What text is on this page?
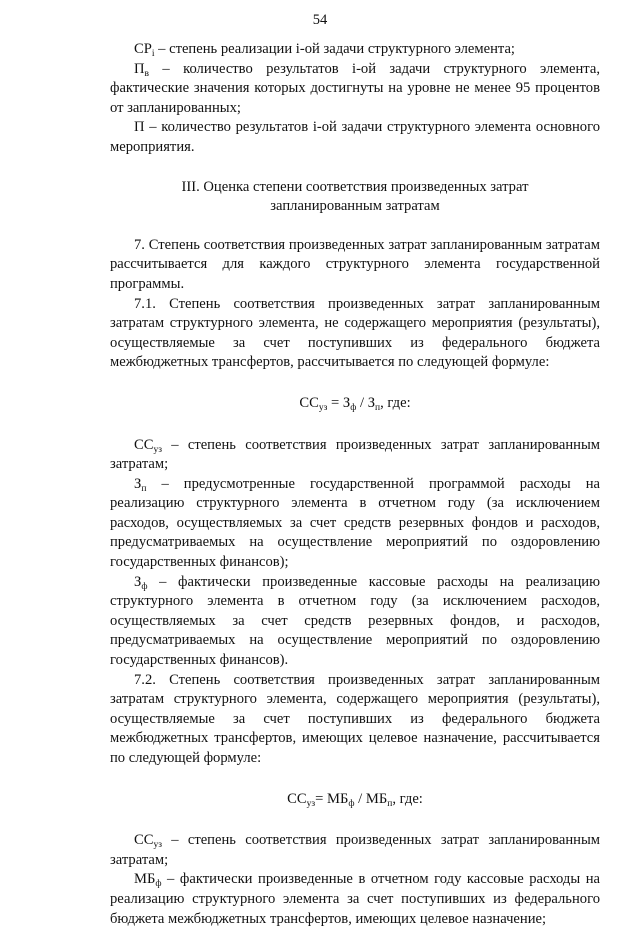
54

$СР_i$ – степень реализации i-ой задачи структурного элемента;

$П_в$ – количество результатов i-ой задачи структурного элемента, фактические значения которых достигнуты на уровне не менее 95 процентов от запланированных;

П – количество результатов i-ой задачи структурного элемента основного мероприятия.

III. Оценка степени соответствия произведенных затрат
запланированным затратам

7. Степень соответствия произведенных затрат запланированным затратам рассчитывается для каждого структурного элемента государственной программы.

7.1. Степень соответствия произведенных затрат запланированным затратам структурного элемента, не содержащего мероприятия (результаты), осуществляемые за счет поступивших из федерального бюджета межбюджетных трансфертов, рассчитывается по следующей формуле:

$СС_{уз} = З_ф / З_п$, где:

$СС_{уз}$ – степень соответствия произведенных затрат запланированным затратам;

$З_п$ – предусмотренные государственной программой расходы на реализацию структурного элемента в отчетном году (за исключением расходов, осуществляемых за счет средств резервных фондов и расходов, предусматриваемых на осуществление мероприятий по оздоровлению государственных финансов);

$З_ф$ – фактически произведенные кассовые расходы на реализацию структурного элемента в отчетном году (за исключением расходов, осуществляемых за счет средств резервных фондов, и расходов, предусматриваемых на осуществление мероприятий по оздоровлению государственных финансов).

7.2. Степень соответствия произведенных затрат запланированным затратам структурного элемента, содержащего мероприятия (результаты), осуществляемые за счет поступивших из федерального бюджета межбюджетных трансфертов, имеющих целевое назначение, рассчитывается по следующей формуле:

$СС_{уз}= МБ_ф / МБ_п$, где:

$СС_{уз}$ – степень соответствия произведенных затрат запланированным затратам;

$МБ_ф$ – фактически произведенные в отчетном году кассовые расходы на реализацию структурного элемента за счет поступивших из федерального бюджета межбюджетных трансфертов, имеющих целевое назначение;
